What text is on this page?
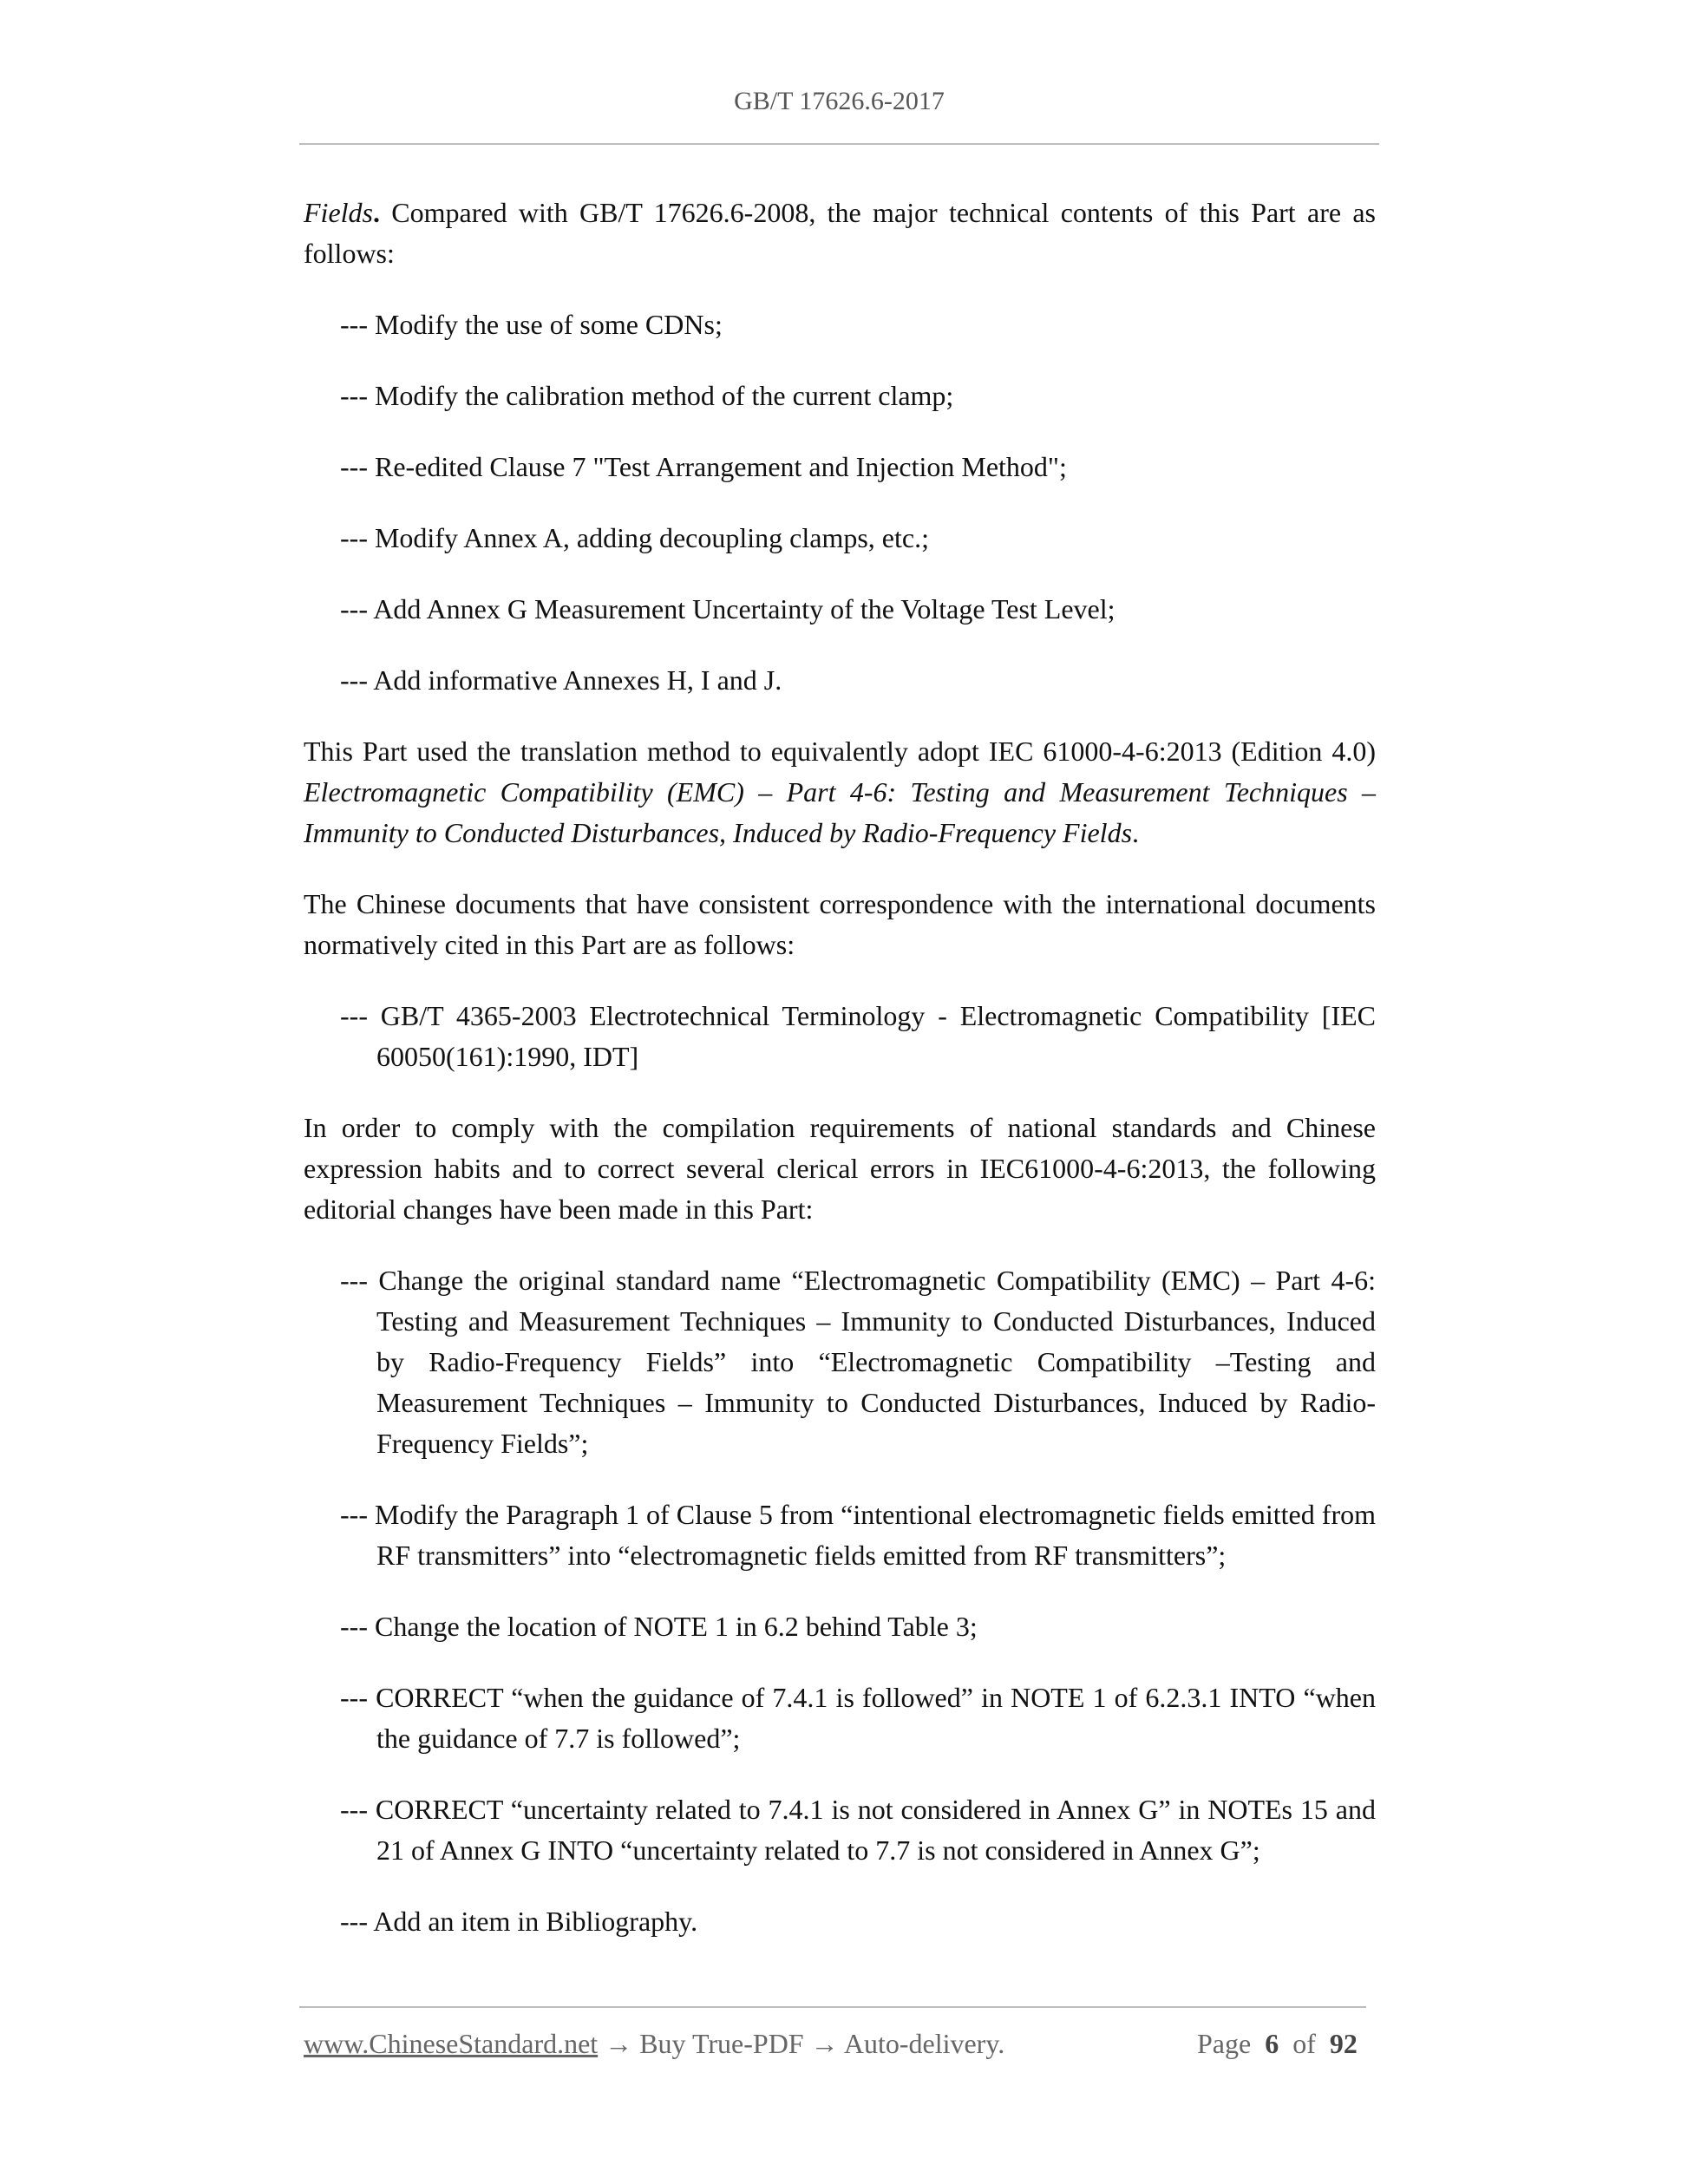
GB/T 17626.6-2017

Fields. Compared with GB/T 17626.6-2008, the major technical contents of this Part are as follows:

--- Modify the use of some CDNs;
--- Modify the calibration method of the current clamp;
--- Re-edited Clause 7 "Test Arrangement and Injection Method";
--- Modify Annex A, adding decoupling clamps, etc.;
--- Add Annex G Measurement Uncertainty of the Voltage Test Level;
--- Add informative Annexes H, I and J.

This Part used the translation method to equivalently adopt IEC 61000-4-6:2013 (Edition 4.0) Electromagnetic Compatibility (EMC) – Part 4-6: Testing and Measurement Techniques – Immunity to Conducted Disturbances, Induced by Radio-Frequency Fields.

The Chinese documents that have consistent correspondence with the international documents normatively cited in this Part are as follows:

--- GB/T 4365-2003 Electrotechnical Terminology - Electromagnetic Compatibility [IEC 60050(161):1990, IDT]

In order to comply with the compilation requirements of national standards and Chinese expression habits and to correct several clerical errors in IEC61000-4-6:2013, the following editorial changes have been made in this Part:

--- Change the original standard name “Electromagnetic Compatibility (EMC) – Part 4-6: Testing and Measurement Techniques – Immunity to Conducted Disturbances, Induced by Radio-Frequency Fields” into “Electromagnetic Compatibility –Testing and Measurement Techniques – Immunity to Conducted Disturbances, Induced by Radio-Frequency Fields”;
--- Modify the Paragraph 1 of Clause 5 from “intentional electromagnetic fields emitted from RF transmitters” into “electromagnetic fields emitted from RF transmitters”;
--- Change the location of NOTE 1 in 6.2 behind Table 3;
--- CORRECT “when the guidance of 7.4.1 is followed” in NOTE 1 of 6.2.3.1 INTO “when the guidance of 7.7 is followed”;
--- CORRECT “uncertainty related to 7.4.1 is not considered in Annex G” in NOTEs 15 and 21 of Annex G INTO “uncertainty related to 7.7 is not considered in Annex G”;
--- Add an item in Bibliography.
www.ChineseStandard.net → Buy True-PDF → Auto-delivery.	Page 6 of 92
